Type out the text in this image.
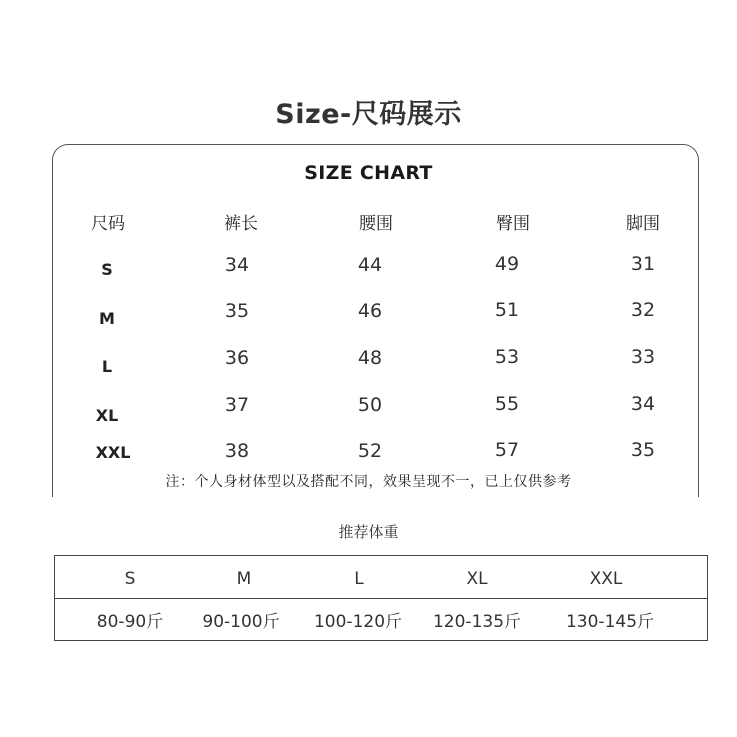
Size-尺码展示
SIZE CHART
尺码	裤长	腰围	臀围	脚围
S	34	44	49	31
M	35	46	51	32
L	36	48	53	33
XL	37	50	55	34
XXL	38	52	57	35
注：个人身材体型以及搭配不同，效果呈现不一，已上仅供参考
推荐体重
S	M	L	XL	XXL
80-90斤	90-100斤	100-120斤	120-135斤	130-145斤
